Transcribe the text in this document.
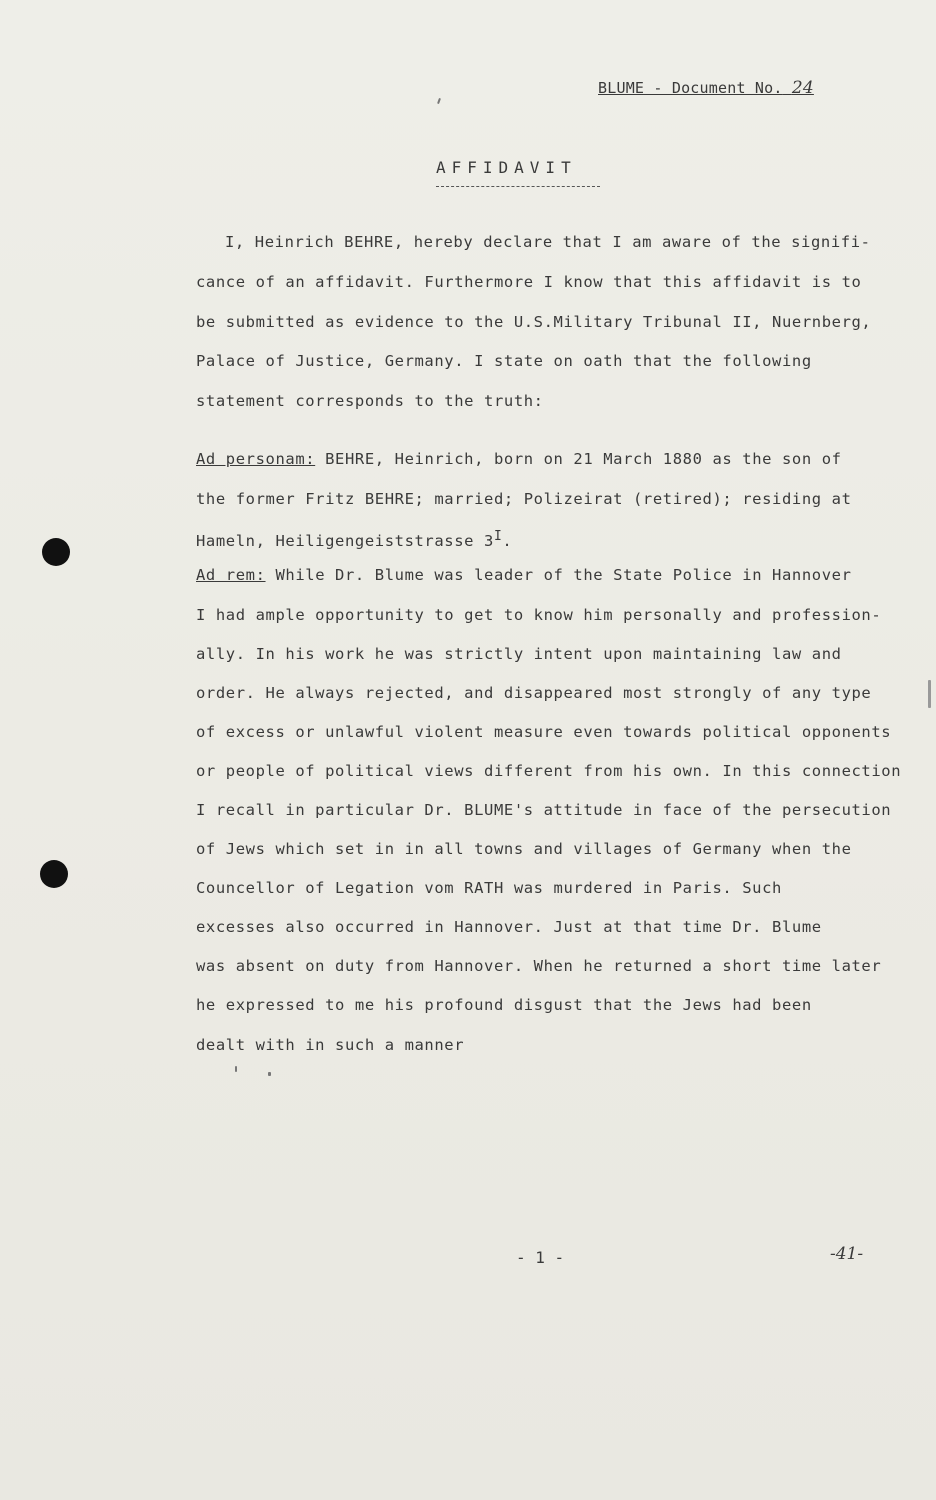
BLUME - Document No. 24
AFFIDAVIT
I, Heinrich BEHRE, hereby declare that I am aware of the signifi-
cance of an affidavit. Furthermore I know that this affidavit is to
be submitted as evidence to the U.S.Military Tribunal II, Nuernberg,
Palace of Justice, Germany. I state on oath that the following
statement corresponds to the truth:
Ad personam: BEHRE, Heinrich, born on 21 March 1880 as the son of
the former Fritz BEHRE; married; Polizeirat (retired); residing at
Hameln, Heiligengeiststrasse $3^I$.
Ad rem: While Dr. Blume was leader of the State Police in Hannover
I had ample opportunity to get to know him personally and profession-
ally. In his work he was strictly intent upon maintaining law and
order. He always rejected, and disappeared most strongly of any type
of excess or unlawful violent measure even towards political opponents
or people of political views different from his own. In this connection
I recall in particular Dr. BLUME's attitude in face of the persecution
of Jews which set in in all towns and villages of Germany when the
Councellor of Legation vom RATH was murdered in Paris. Such
excesses also occurred in Hannover. Just at that time Dr. Blume
was absent on duty from Hannover. When he returned a short time later
he expressed to me his profound disgust that the Jews had been
dealt with in such a manner
- 1 -	-41-
